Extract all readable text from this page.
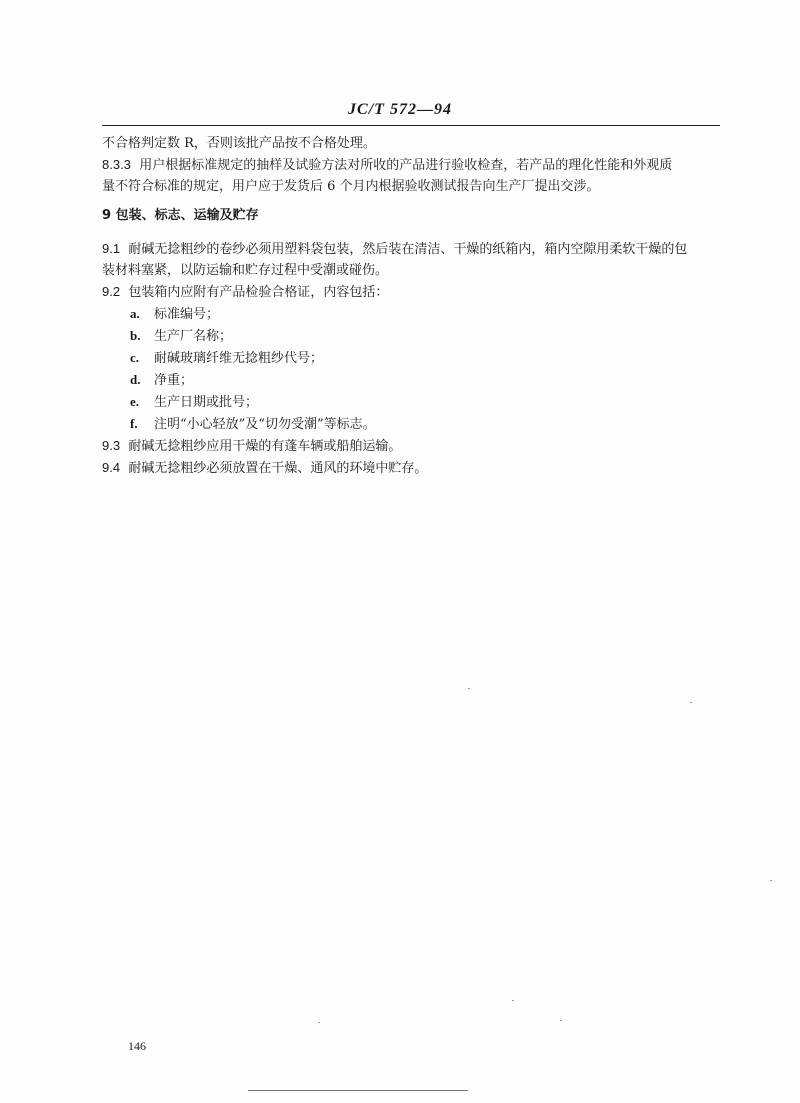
JC/T 572—94
不合格判定数 R，否则该批产品按不合格处理。
8.3.3 用户根据标准规定的抽样及试验方法对所收的产品进行验收检查，若产品的理化性能和外观质
量不符合标准的规定，用户应于发货后 6 个月内根据验收测试报告向生产厂提出交涉。
9 包装、标志、运输及贮存
9.1 耐碱无捻粗纱的卷纱必须用塑料袋包装，然后装在清洁、干燥的纸箱内，箱内空隙用柔软干燥的包
装材料塞紧，以防运输和贮存过程中受潮或碰伤。
9.2 包装箱内应附有产品检验合格证，内容包括：
a. 标准编号；
b. 生产厂名称；
c. 耐碱玻璃纤维无捻粗纱代号；
d. 净重；
e. 生产日期或批号；
f. 注明“小心轻放”及“切勿受潮”等标志。
9.3 耐碱无捻粗纱应用干燥的有蓬车辆或船舶运输。
9.4 耐碱无捻粗纱必须放置在干燥、通风的环境中贮存。
146
